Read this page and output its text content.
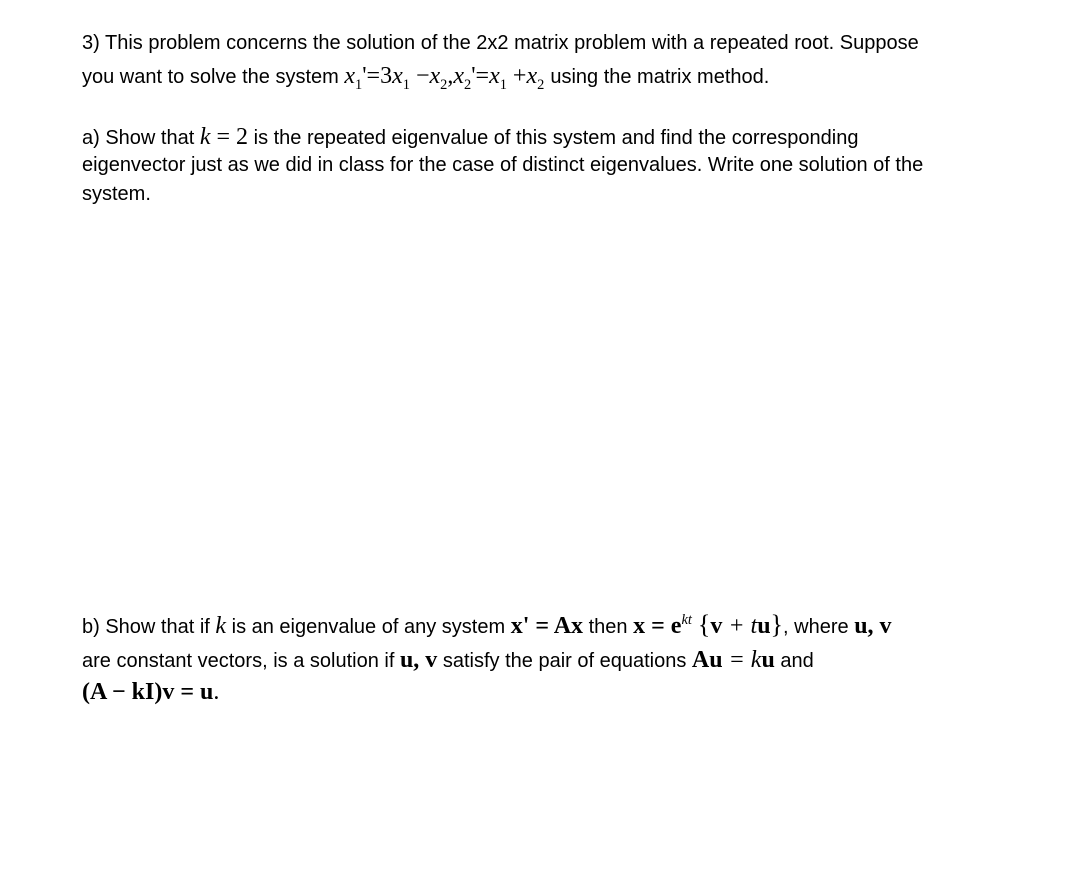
3) This problem concerns the solution of the 2x2 matrix problem with a repeated root. Suppose
you want to solve the system $x_1'=3x_1 -x_2,x_2'=x_1 +x_2$ using the matrix method.
a) Show that k = 2 is the repeated eigenvalue of this system and find the corresponding
eigenvector just as we did in class for the case of distinct eigenvalues. Write one solution of the
system.
b) Show that if k is an eigenvalue of any system x' = Ax then $x = e^{kt}$ {v + tu}, where u, v
are constant vectors, is a solution if u, v satisfy the pair of equations Au = ku and
(A − kI)v = u.
